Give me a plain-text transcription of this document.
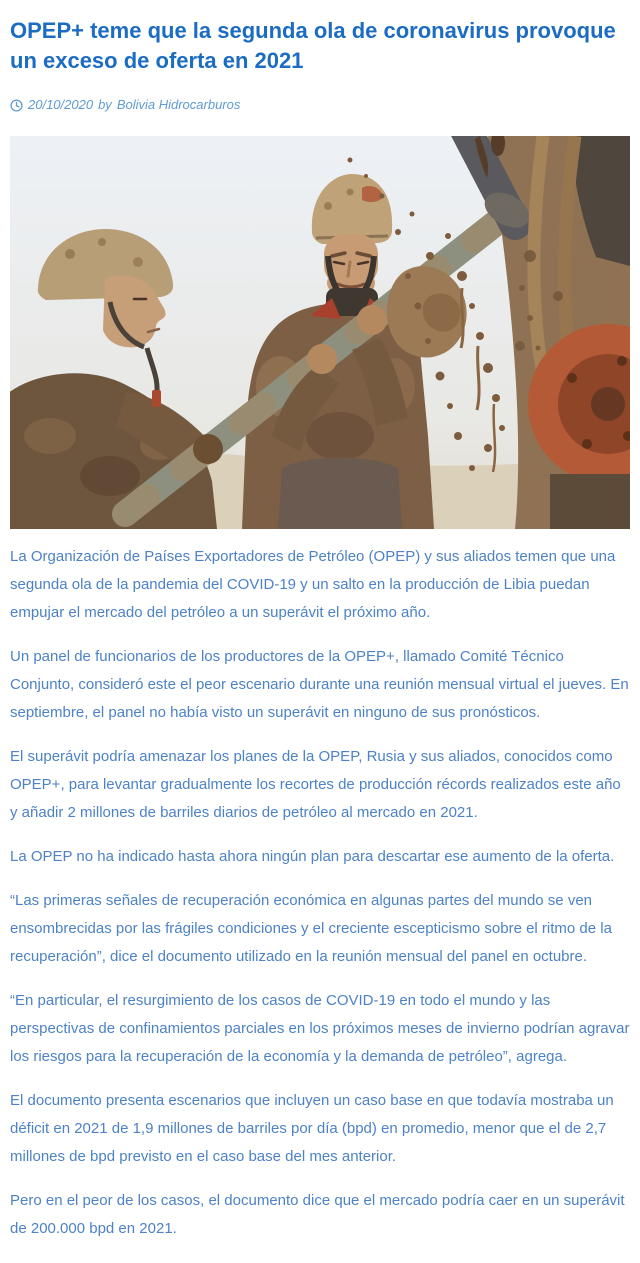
OPEP+ teme que la segunda ola de coronavirus provoque un exceso de oferta en 2021
20/10/2020 by Bolivia Hidrocarburos

La Organización de Países Exportadores de Petróleo (OPEP) y sus aliados temen que una segunda ola de la pandemia del COVID-19 y un salto en la producción de Libia puedan empujar el mercado del petróleo a un superávit el próximo año.

Un panel de funcionarios de los productores de la OPEP+, llamado Comité Técnico Conjunto, consideró este el peor escenario durante una reunión mensual virtual el jueves. En septiembre, el panel no había visto un superávit en ninguno de sus pronósticos.

El superávit podría amenazar los planes de la OPEP, Rusia y sus aliados, conocidos como OPEP+, para levantar gradualmente los recortes de producción récords realizados este año y añadir 2 millones de barriles diarios de petróleo al mercado en 2021.

La OPEP no ha indicado hasta ahora ningún plan para descartar ese aumento de la oferta.

“Las primeras señales de recuperación económica en algunas partes del mundo se ven ensombrecidas por las frágiles condiciones y el creciente escepticismo sobre el ritmo de la recuperación”, dice el documento utilizado en la reunión mensual del panel en octubre.

“En particular, el resurgimiento de los casos de COVID-19 en todo el mundo y las perspectivas de confinamientos parciales en los próximos meses de invierno podrían agravar los riesgos para la recuperación de la economía y la demanda de petróleo”, agrega.

El documento presenta escenarios que incluyen un caso base en que todavía mostraba un déficit en 2021 de 1,9 millones de barriles por día (bpd) en promedio, menor que el de 2,7 millones de bpd previsto en el caso base del mes anterior.

Pero en el peor de los casos, el documento dice que el mercado podría caer en un superávit de 200.000 bpd en 2021.
